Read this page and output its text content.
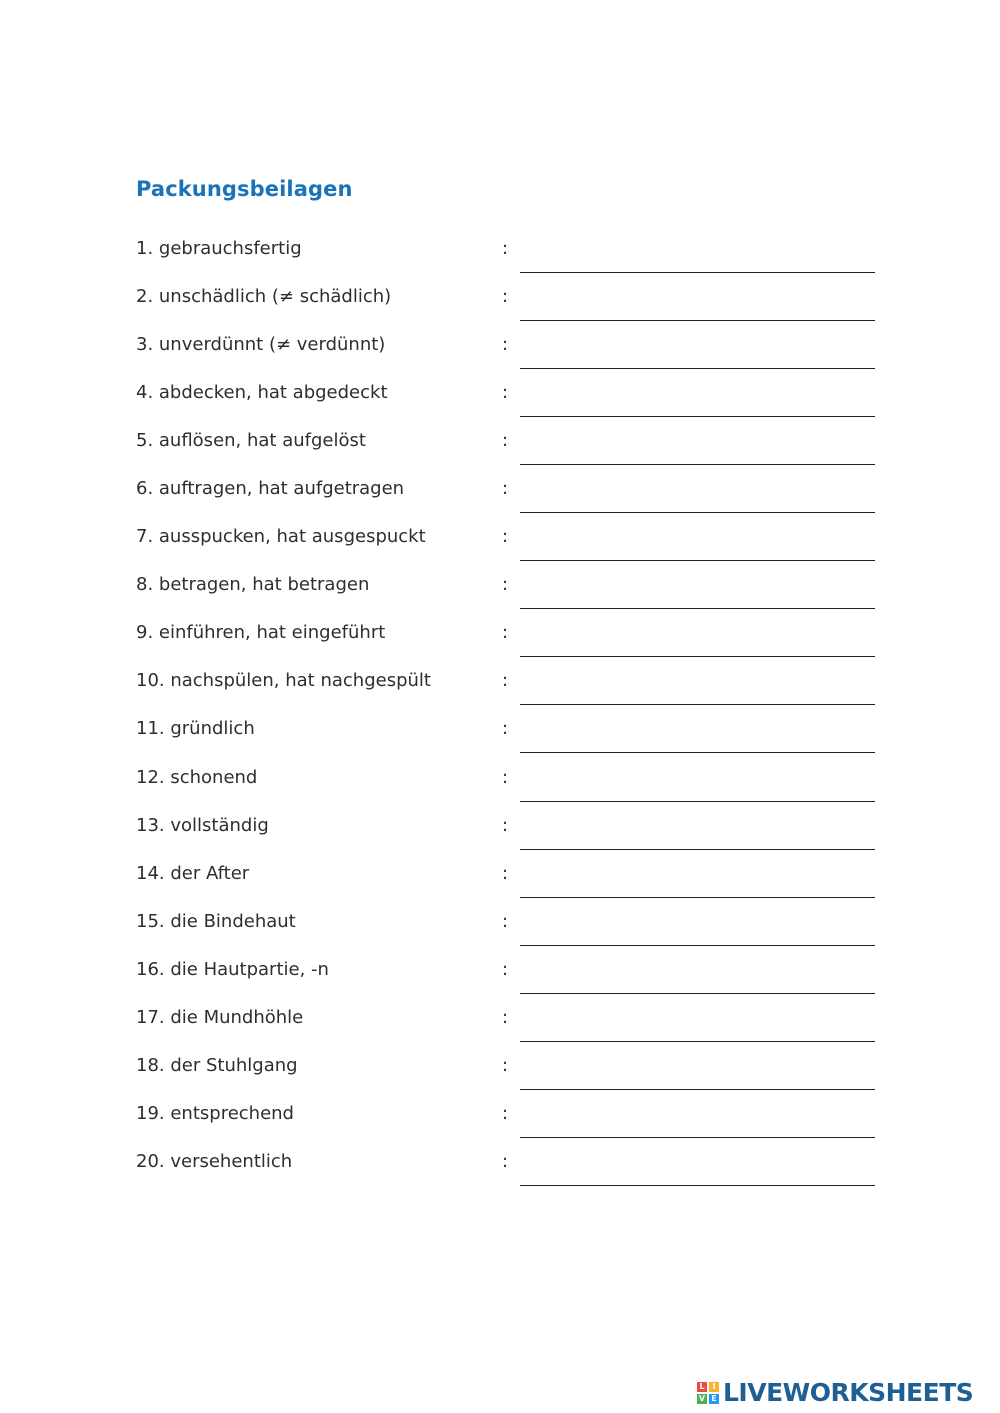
Packungsbeilagen
1. gebrauchsfertig	:
2. unschädlich (≠ schädlich)	:
3. unverdünnt (≠ verdünnt)	:
4. abdecken, hat abgedeckt	:
5. auflösen, hat aufgelöst	:
6. auftragen, hat aufgetragen	:
7. ausspucken, hat ausgespuckt	:
8. betragen, hat betragen	:
9. einführen, hat eingeführt	:
10. nachspülen, hat nachgespült	:
11. gründlich	:
12. schonend	:
13. vollständig	:
14. der After	:
15. die Bindehaut	:
16. die Hautpartie, -n	:
17. die Mundhöhle	:
18. der Stuhlgang	:
19. entsprechend	:
20. versehentlich	:
L I
V E LIVEWORKSHEETS
